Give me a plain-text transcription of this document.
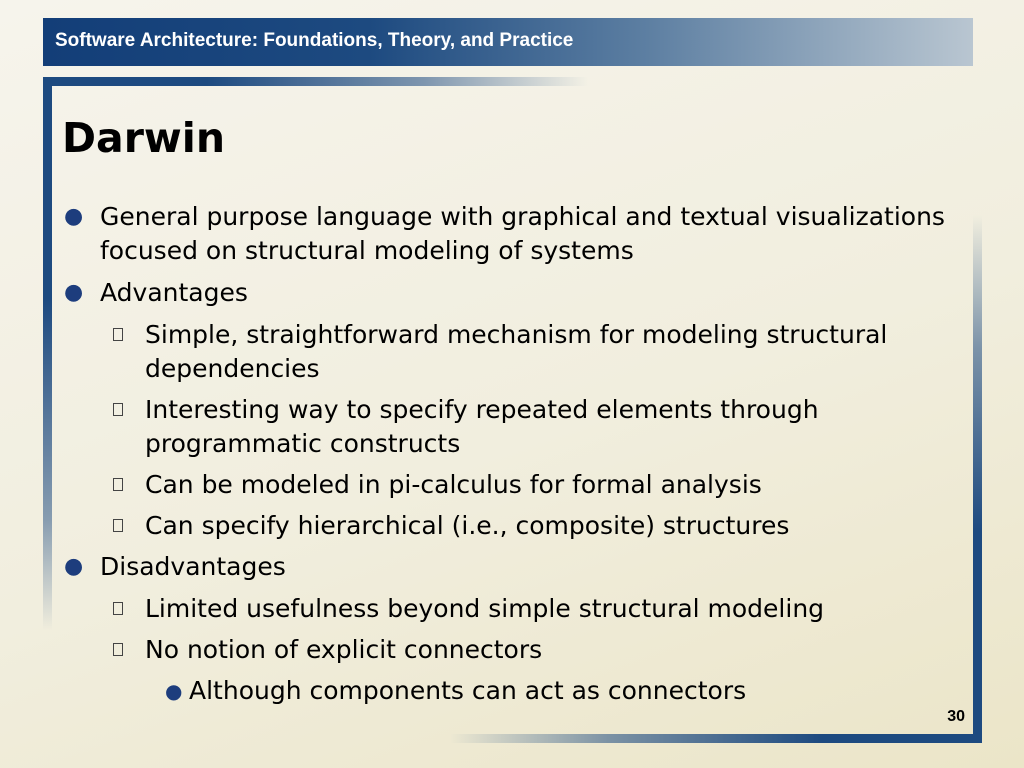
Software Architecture: Foundations, Theory, and Practice
Darwin
● General purpose language with graphical and textual visualizations focused on structural modeling of systems
● Advantages
Simple, straightforward mechanism for modeling structural dependencies
Interesting way to specify repeated elements through programmatic constructs
Can be modeled in pi-calculus for formal analysis
Can specify hierarchical (i.e., composite) structures
● Disadvantages
Limited usefulness beyond simple structural modeling
No notion of explicit connectors
● Although components can act as connectors
30
